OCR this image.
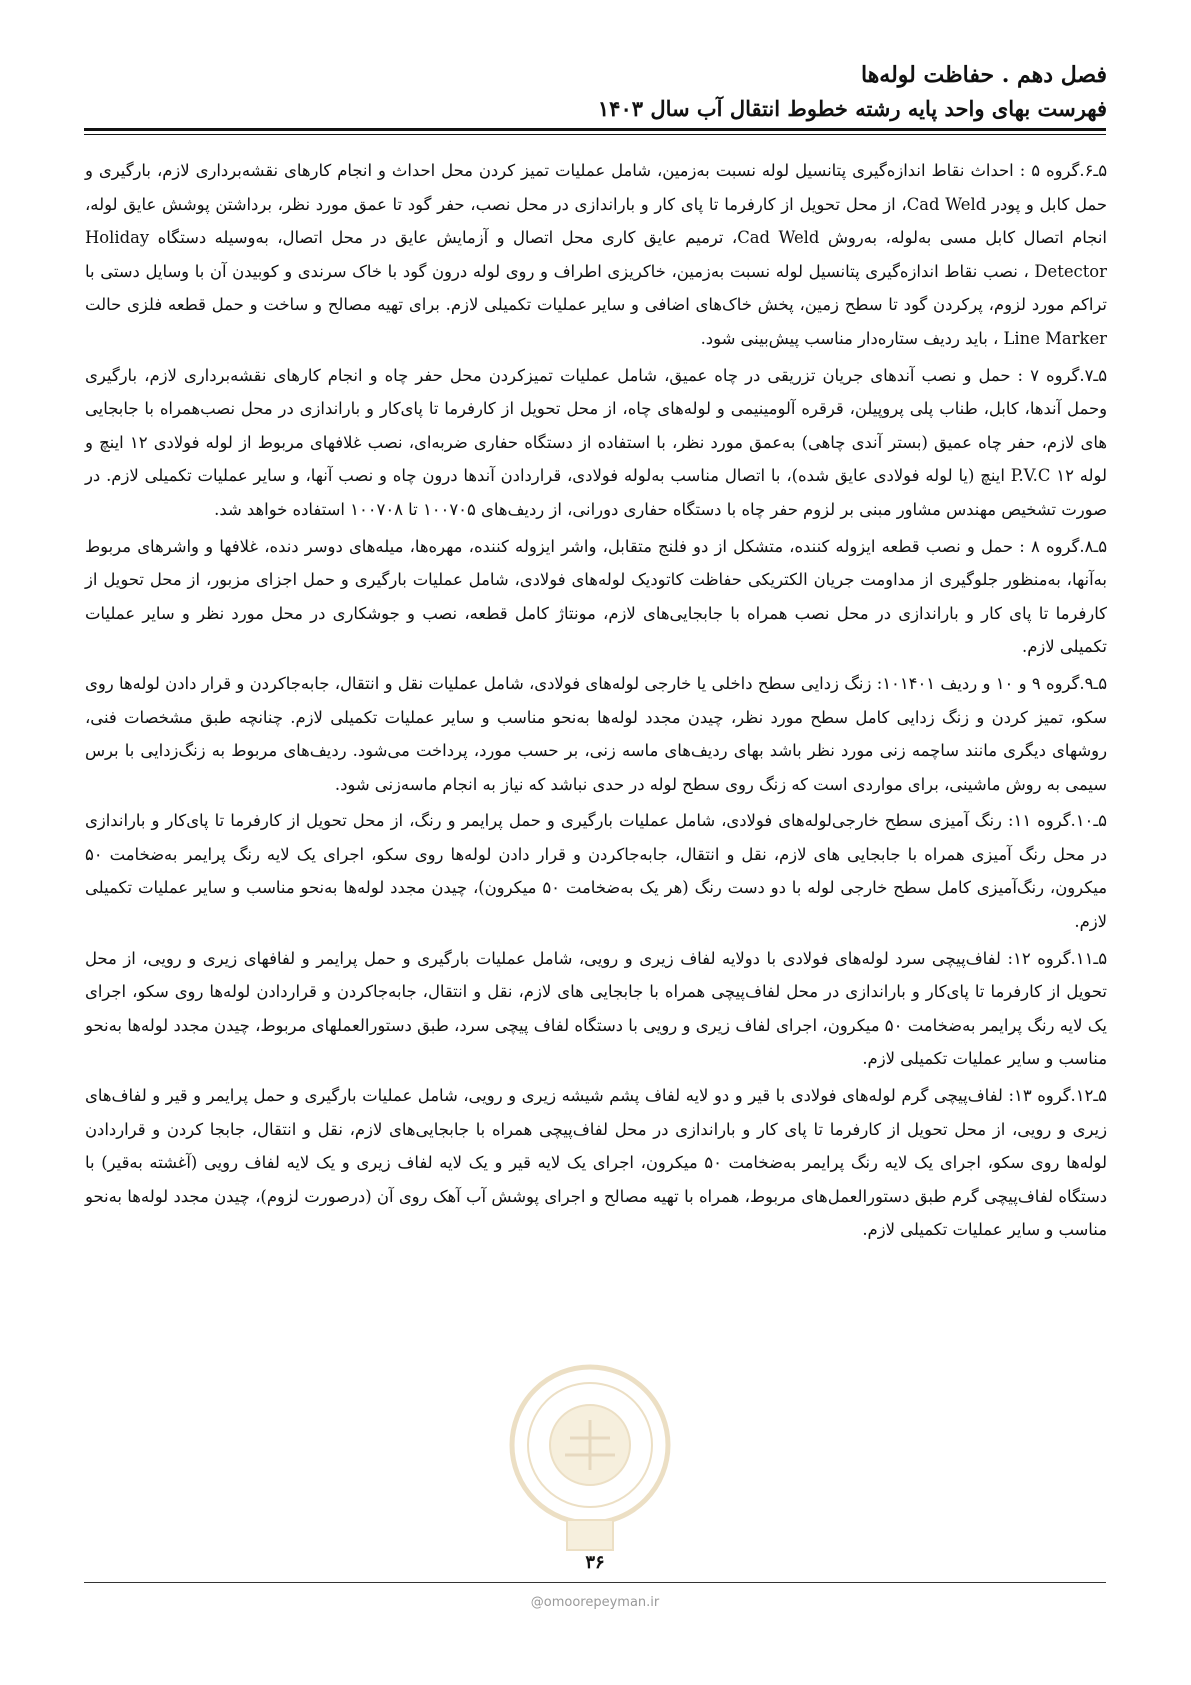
فصل دهم . حفاظت لوله‌ها
فهرست بهای واحد پایه رشته خطوط انتقال آب سال ۱۴۰۳

۵ـ۶.گروه ۵ : احداث نقاط اندازه‌گیری پتانسیل لوله نسبت به‌زمین، شامل عملیات تمیز کردن محل احداث و انجام کارهای نقشه‌برداری لازم، بارگیری و حمل کابل و پودر Cad Weld، از محل تحویل از کارفرما تا پای کار و باراندازی در محل نصب، حفر گود تا عمق مورد نظر، برداشتن پوشش عایق لوله، انجام اتصال کابل مسی به‌لوله، به‌روش Cad Weld، ترمیم عایق کاری محل اتصال و آزمایش عایق در محل اتصال، به‌وسیله دستگاه Holiday Detector ، نصب نقاط اندازه‌گیری پتانسیل لوله نسبت به‌زمین، خاکریزی اطراف و روی لوله درون گود با خاک سرندی و کوبیدن آن با وسایل دستی با تراکم مورد لزوم، پرکردن گود تا سطح زمین، پخش خاک‌های اضافی و سایر عملیات تکمیلی لازم. برای تهیه مصالح و ساخت و حمل قطعه فلزی حالت Line Marker ، باید ردیف ستاره‌دار مناسب پیش‌بینی شود.

۵ـ۷.گروه ۷ : حمل و نصب آندهای جریان تزریقی در چاه عمیق، شامل عملیات تمیزکردن محل حفر چاه و انجام کارهای نقشه‌برداری لازم، بارگیری وحمل آندها، کابل، طناب پلی پروپیلن، قرقره آلومینیمی و لوله‌های چاه، از محل تحویل از کارفرما تا پای‌کار و باراندازی در محل نصب‌همراه با جابجایی های لازم، حفر چاه عمیق (بستر آندی چاهی) به‌عمق مورد نظر، با استفاده از دستگاه حفاری ضربه‌ای، نصب غلافهای مربوط از لوله فولادی ۱۲ اینچ و لوله P.V.C ۱۲ اینچ (یا لوله فولادی عایق شده)، با اتصال مناسب به‌لوله فولادی، قراردادن آندها درون چاه و نصب آنها، و سایر عملیات تکمیلی لازم. در صورت تشخیص مهندس مشاور مبنی بر لزوم حفر چاه با دستگاه حفاری دورانی، از ردیف‌های ۱۰۰۷۰۵ تا ۱۰۰۷۰۸ استفاده خواهد شد.

۵ـ۸.گروه ۸ : حمل و نصب قطعه ایزوله کننده، متشکل از دو فلنج متقابل، واشر ایزوله کننده، مهره‌ها، میله‌های دوسر دنده، غلافها و واشرهای مربوط به‌آنها، به‌منظور جلوگیری از مداومت جریان الکتریکی حفاظت کاتودیک لوله‌های فولادی، شامل عملیات بارگیری و حمل اجزای مزبور، از محل تحویل از کارفرما تا پای کار و باراندازی در محل نصب همراه با جابجایی‌های لازم، مونتاژ کامل قطعه، نصب و جوشکاری در محل مورد نظر و سایر عملیات تکمیلی لازم.

۵ـ۹.گروه ۹ و ۱۰ و ردیف ۱۰۱۴۰۱: زنگ زدایی سطح داخلی یا خارجی لوله‌های فولادی، شامل عملیات نقل و انتقال، جابه‌جاکردن و قرار دادن لوله‌ها روی سکو، تمیز کردن و زنگ زدایی کامل سطح مورد نظر، چیدن مجدد لوله‌ها به‌نحو مناسب و سایر عملیات تکمیلی لازم. چنانچه طبق مشخصات فنی، روشهای دیگری مانند ساچمه زنی مورد نظر باشد بهای ردیف‌های ماسه زنی، بر حسب مورد، پرداخت می‌شود. ردیف‌های مربوط به زنگ‌زدایی با برس سیمی به روش ماشینی، برای مواردی است که زنگ روی سطح لوله در حدی نباشد که نیاز به انجام ماسه‌زنی شود.

۵ـ۱۰.گروه ۱۱: رنگ آمیزی سطح خارجی‌لوله‌های فولادی، شامل عملیات بارگیری و حمل پرایمر و رنگ، از محل تحویل از کارفرما تا پای‌کار و باراندازی در محل رنگ آمیزی همراه با جابجایی های لازم، نقل و انتقال، جابه‌جاکردن و قرار دادن لوله‌ها روی سکو، اجرای یک لایه رنگ پرایمر به‌ضخامت ۵۰ میکرون، رنگ‌آمیزی کامل سطح خارجی لوله با دو دست رنگ (هر یک به‌ضخامت ۵۰ میکرون)، چیدن مجدد لوله‌ها به‌نحو مناسب و سایر عملیات تکمیلی لازم.

۵ـ۱۱.گروه ۱۲: لفاف‌پیچی سرد لوله‌های فولادی با دولایه لفاف زیری و رویی، شامل عملیات بارگیری و حمل پرایمر و لفافهای زیری و رویی، از محل تحویل از کارفرما تا پای‌کار و باراندازی در محل لفاف‌پیچی همراه با جابجایی های لازم، نقل و انتقال، جابه‌جاکردن و قراردادن لوله‌ها روی سکو، اجرای یک لایه رنگ پرایمر به‌ضخامت ۵۰ میکرون، اجرای لفاف زیری و رویی با دستگاه لفاف پیچی سرد، طبق دستورالعملهای مربوط، چیدن مجدد لوله‌ها به‌نحو مناسب و سایر عملیات تکمیلی لازم.

۵ـ۱۲.گروه ۱۳: لفاف‌پیچی گرم لوله‌های فولادی با قیر و دو لایه لفاف پشم شیشه زیری و رویی، شامل عملیات بارگیری و حمل پرایمر و قیر و لفاف‌های زیری و رویی، از محل تحویل از کارفرما تا پای کار و باراندازی در محل لفاف‌پیچی همراه با جابجایی‌های لازم، نقل و انتقال، جابجا کردن و قراردادن لوله‌ها روی سکو، اجرای یک لایه رنگ پرایمر به‌ضخامت ۵۰ میکرون، اجرای یک لایه قیر و یک لایه لفاف زیری و یک لایه لفاف رویی (آغشته به‌قیر) با دستگاه لفاف‌پیچی گرم طبق دستورالعمل‌های مربوط، همراه با تهیه مصالح و اجرای پوشش آب آهک روی آن (درصورت لزوم)، چیدن مجدد لوله‌ها به‌نحو مناسب و سایر عملیات تکمیلی لازم.

۳۶
@omoorepeyman.ir
